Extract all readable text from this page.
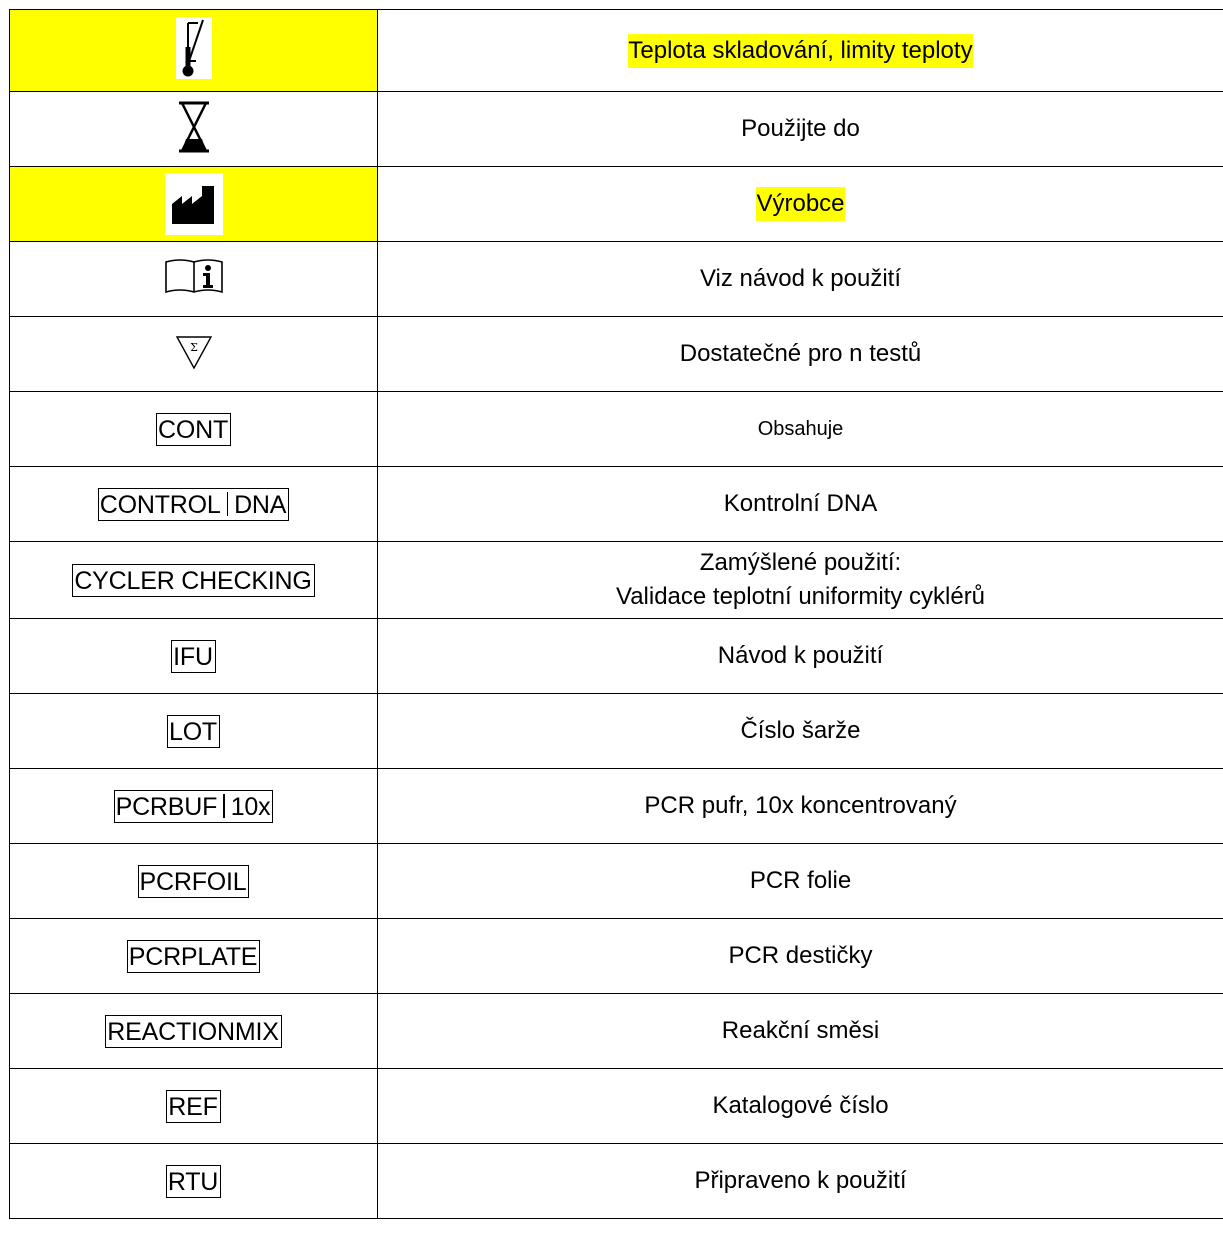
	Teplota skladování, limity teploty

	Použijte do

	Výrobce

	Viz návod k použití

Σ	Dostatečné pro n testů
CONT	Obsahuje
CONTROL DNA	Kontrolní DNA
CYCLER CHECKING	Zamýšlené použití:
Validace teplotní uniformity cyklérů

IFU	Návod k použití
LOT	Číslo šarže
PCRBUF 10x	PCR pufr, 10x koncentrovaný
PCRFOIL	PCR folie
PCRPLATE	PCR destičky
REACTIONMIX	Reakční směsi
REF	Katalogové číslo
RTU	Připraveno k použití
